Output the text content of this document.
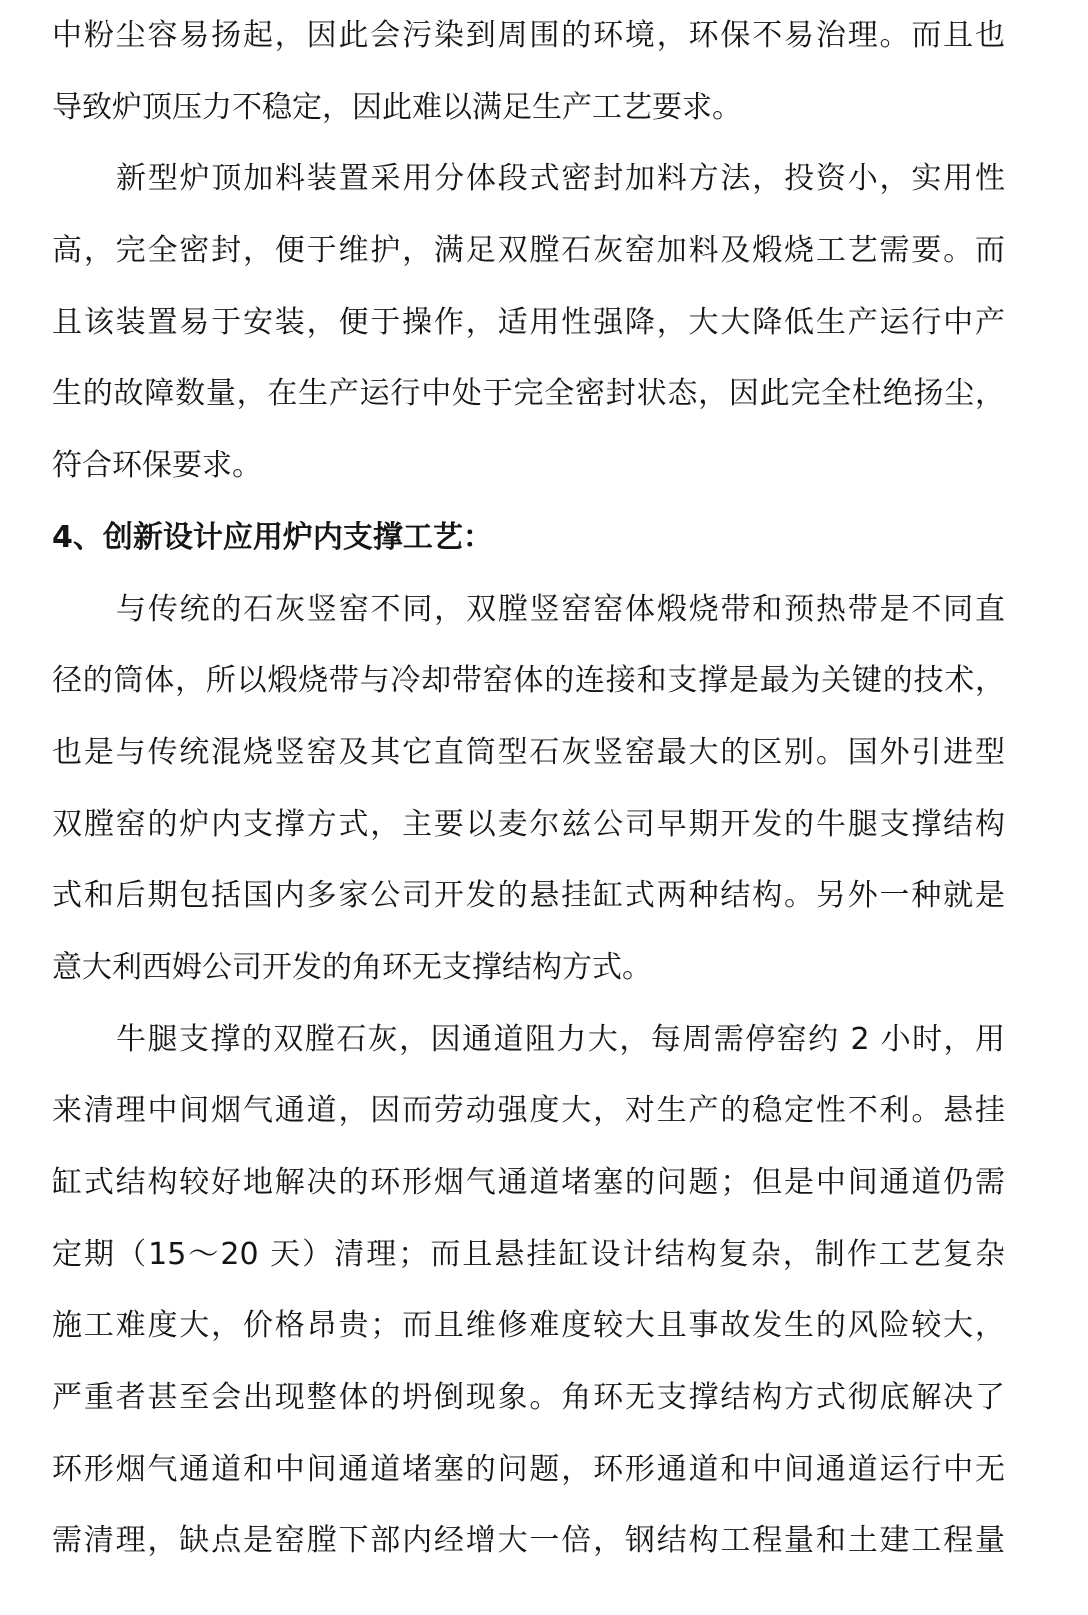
中粉尘容易扬起，因此会污染到周围的环境，环保不易治理。而且也
导致炉顶压力不稳定，因此难以满足生产工艺要求。
新型炉顶加料装置采用分体段式密封加料方法，投资小，实用性
高，完全密封，便于维护，满足双膛石灰窑加料及煅烧工艺需要。而
且该装置易于安装，便于操作，适用性强降，大大降低生产运行中产
生的故障数量，在生产运行中处于完全密封状态，因此完全杜绝扬尘，
符合环保要求。
4、创新设计应用炉内支撑工艺：
与传统的石灰竖窑不同，双膛竖窑窑体煅烧带和预热带是不同直
径的筒体，所以煅烧带与冷却带窑体的连接和支撑是最为关键的技术，
也是与传统混烧竖窑及其它直筒型石灰竖窑最大的区别。国外引进型
双膛窑的炉内支撑方式，主要以麦尔兹公司早期开发的牛腿支撑结构
式和后期包括国内多家公司开发的悬挂缸式两种结构。另外一种就是
意大利西姆公司开发的角环无支撑结构方式。
牛腿支撑的双膛石灰，因通道阻力大，每周需停窑约 2 小时，用
来清理中间烟气通道，因而劳动强度大，对生产的稳定性不利。悬挂
缸式结构较好地解决的环形烟气通道堵塞的问题；但是中间通道仍需
定期（15～20 天）清理；而且悬挂缸设计结构复杂，制作工艺复杂
施工难度大，价格昂贵；而且维修难度较大且事故发生的风险较大，
严重者甚至会出现整体的坍倒现象。角环无支撑结构方式彻底解决了
环形烟气通道和中间通道堵塞的问题，环形通道和中间通道运行中无
需清理，缺点是窑膛下部内经增大一倍，钢结构工程量和土建工程量
